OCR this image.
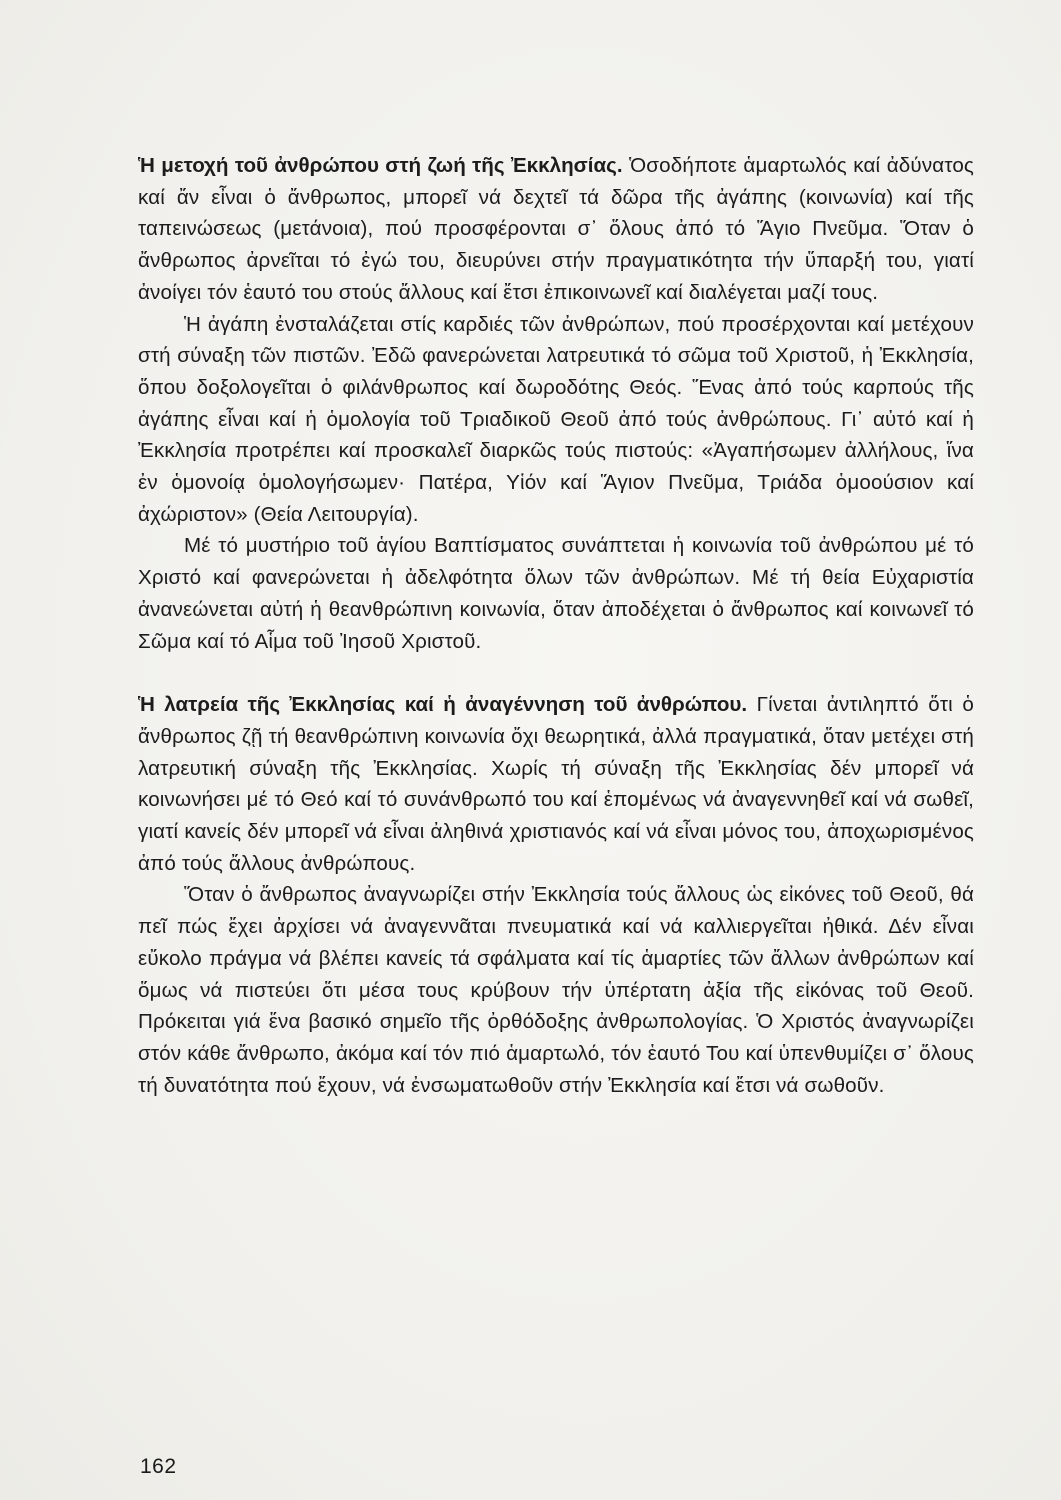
Ἡ μετοχή τοῦ ἀνθρώπου στή ζωή τῆς Ἐκκλησίας. Ὁσοδήποτε ἁμαρτωλός καί ἀδύνατος καί ἄν εἶναι ὁ ἄνθρωπος, μπορεῖ νά δεχτεῖ τά δῶρα τῆς ἀγάπης (κοινωνία) καί τῆς ταπεινώσεως (μετάνοια), πού προσφέρονται σ᾽ ὅλους ἀπό τό Ἅγιο Πνεῦμα. Ὅταν ὁ ἄνθρωπος ἀρνεῖται τό ἐγώ του, διευρύνει στήν πραγματικότητα τήν ὕπαρξή του, γιατί ἀνοίγει τόν ἑαυτό του στούς ἄλλους καί ἔτσι ἐπικοινωνεῖ καί διαλέγεται μαζί τους.

Ἡ ἀγάπη ἐνσταλάζεται στίς καρδιές τῶν ἀνθρώπων, πού προσέρχονται καί μετέχουν στή σύναξη τῶν πιστῶν. Ἐδῶ φανερώνεται λατρευτικά τό σῶμα τοῦ Χριστοῦ, ἡ Ἐκκλησία, ὅπου δοξολογεῖται ὁ φιλάνθρωπος καί δωροδότης Θεός. Ἕνας ἀπό τούς καρπούς τῆς ἀγάπης εἶναι καί ἡ ὁμολογία τοῦ Τριαδικοῦ Θεοῦ ἀπό τούς ἀνθρώπους. Γι᾽ αὐτό καί ἡ Ἐκκλησία προτρέπει καί προσκαλεῖ διαρκῶς τούς πιστούς: «Ἀγαπήσωμεν ἀλλήλους, ἵνα ἐν ὁμονοίᾳ ὁμολογήσωμεν· Πατέρα, Υἱόν καί Ἅγιον Πνεῦμα, Τριάδα ὁμοούσιον καί ἀχώριστον» (Θεία Λειτουργία).

Μέ τό μυστήριο τοῦ ἁγίου Βαπτίσματος συνάπτεται ἡ κοινωνία τοῦ ἀνθρώπου μέ τό Χριστό καί φανερώνεται ἡ ἀδελφότητα ὅλων τῶν ἀνθρώπων. Μέ τή θεία Εὐχαριστία ἀνανεώνεται αὐτή ἡ θεανθρώπινη κοινωνία, ὅταν ἀποδέχεται ὁ ἄνθρωπος καί κοινωνεῖ τό Σῶμα καί τό Αἷμα τοῦ Ἰησοῦ Χριστοῦ.

Ἡ λατρεία τῆς Ἐκκλησίας καί ἡ ἀναγέννηση τοῦ ἀνθρώπου. Γίνεται ἀντιληπτό ὅτι ὁ ἄνθρωπος ζῇ τή θεανθρώπινη κοινωνία ὄχι θεωρητικά, ἀλλά πραγματικά, ὅταν μετέχει στή λατρευτική σύναξη τῆς Ἐκκλησίας. Χωρίς τή σύναξη τῆς Ἐκκλησίας δέν μπορεῖ νά κοινωνήσει μέ τό Θεό καί τό συνάνθρωπό του καί ἑπομένως νά ἀναγεννηθεῖ καί νά σωθεῖ, γιατί κανείς δέν μπορεῖ νά εἶναι ἀληθινά χριστιανός καί νά εἶναι μόνος του, ἀποχωρισμένος ἀπό τούς ἄλλους ἀνθρώπους.

Ὅταν ὁ ἄνθρωπος ἀναγνωρίζει στήν Ἐκκλησία τούς ἄλλους ὡς εἰκόνες τοῦ Θεοῦ, θά πεῖ πώς ἔχει ἀρχίσει νά ἀναγεννᾶται πνευματικά καί νά καλλιεργεῖται ἠθικά. Δέν εἶναι εὔκολο πράγμα νά βλέπει κανείς τά σφάλματα καί τίς ἁμαρτίες τῶν ἄλλων ἀνθρώπων καί ὅμως νά πιστεύει ὅτι μέσα τους κρύβουν τήν ὑπέρτατη ἀξία τῆς εἰκόνας τοῦ Θεοῦ. Πρόκειται γιά ἕνα βασικό σημεῖο τῆς ὀρθόδοξης ἀνθρωπολογίας. Ὁ Χριστός ἀναγνωρίζει στόν κάθε ἄνθρωπο, ἀκόμα καί τόν πιό ἁμαρτωλό, τόν ἑαυτό Του καί ὑπενθυμίζει σ᾽ ὅλους τή δυνατότητα πού ἔχουν, νά ἐνσωματωθοῦν στήν Ἐκκλησία καί ἔτσι νά σωθοῦν.

162
